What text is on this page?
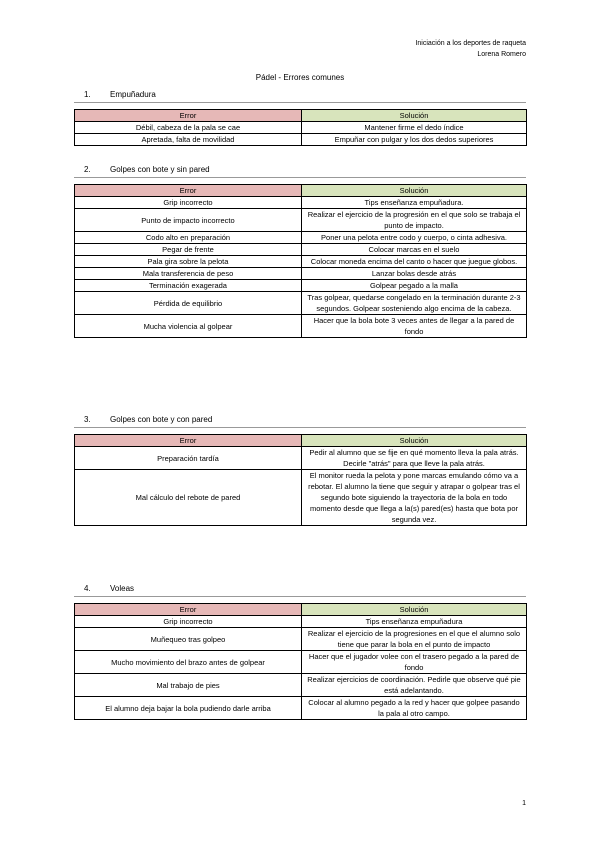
Iniciación a los deportes de raqueta
Lorena Romero
Pádel - Errores comunes
1. Empuñadura
Error	Solución
Débil, cabeza de la pala se cae	Mantener firme el dedo índice
Apretada, falta de movilidad	Empuñar con pulgar y los dos dedos superiores
2. Golpes con bote y sin pared
Error	Solución
Grip incorrecto	Tips enseñanza empuñadura.
Punto de impacto incorrecto	Realizar el ejercicio de la progresión en el que solo se trabaja el punto de impacto.
Codo alto en preparación	Poner una pelota entre codo y cuerpo, o cinta adhesiva.
Pegar de frente	Colocar marcas en el suelo
Pala gira sobre la pelota	Colocar moneda encima del canto o hacer que juegue globos.
Mala transferencia de peso	Lanzar bolas desde atrás
Terminación exagerada	Golpear pegado a la malla
Pérdida de equilibrio	Tras golpear, quedarse congelado en la terminación durante 2-3 segundos. Golpear sosteniendo algo encima de la cabeza.
Mucha violencia al golpear	Hacer que la bola bote 3 veces antes de llegar a la pared de fondo
3. Golpes con bote y con pared
Error	Solución
Preparación tardía	Pedir al alumno que se fije en qué momento lleva la pala atrás. Decirle "atrás" para que lleve la pala atrás.
Mal cálculo del rebote de pared	El monitor rueda la pelota y pone marcas emulando cómo va a rebotar. El alumno la tiene que seguir y atrapar o golpear tras el segundo bote siguiendo la trayectoria de la bola en todo momento desde que llega a la(s) pared(es) hasta que bota por segunda vez.
4. Voleas
Error	Solución
Grip incorrecto	Tips enseñanza empuñadura
Muñequeo tras golpeo	Realizar el ejercicio de la progresiones en el que el alumno solo tiene que parar la bola en el punto de impacto
Mucho movimiento del brazo antes de golpear	Hacer que el jugador volee con el trasero pegado a la pared de fondo
Mal trabajo de pies	Realizar ejercicios de coordinación. Pedirle que observe qué pie está adelantando.
El alumno deja bajar la bola pudiendo darle arriba	Colocar al alumno pegado a la red y hacer que golpee pasando la pala al otro campo.
1
